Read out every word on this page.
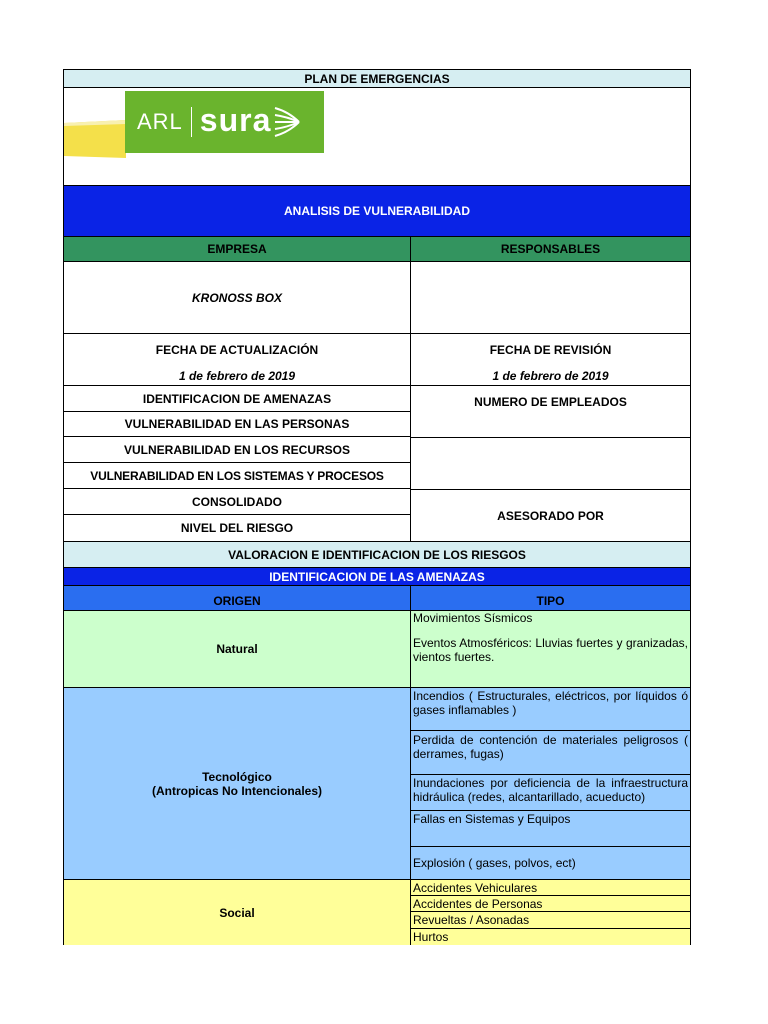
PLAN DE EMERGENCIAS
ARL sura
ANALISIS DE VULNERABILIDAD
EMPRESA	RESPONSABLES
KRONOSS BOX
FECHA DE ACTUALIZACIÓN
1 de febrero de 2019
FECHA DE REVISIÓN
1 de febrero de 2019
IDENTIFICACION DE AMENAZAS
VULNERABILIDAD EN LAS PERSONAS
VULNERABILIDAD EN LOS RECURSOS
VULNERABILIDAD EN LOS SISTEMAS Y PROCESOS
CONSOLIDADO
NIVEL DEL RIESGO
NUMERO DE EMPLEADOS
ASESORADO POR
VALORACION E IDENTIFICACION DE LOS RIESGOS
IDENTIFICACION DE LAS AMENAZAS
ORIGEN	TIPO
Natural
Movimientos Sísmicos
Eventos Atmosféricos: Lluvias fuertes y granizadas, vientos fuertes.
Tecnológico
(Antropicas No Intencionales)
Incendios ( Estructurales, eléctricos, por líquidos ó gases inflamables )
Perdida de contención de materiales peligrosos ( derrames, fugas)
Inundaciones por deficiencia de la infraestructura hidráulica (redes, alcantarillado, acueducto)
Fallas en Sistemas y Equipos
Explosión ( gases, polvos, ect)
Social
Accidentes Vehiculares
Accidentes de Personas
Revueltas / Asonadas
Hurtos
